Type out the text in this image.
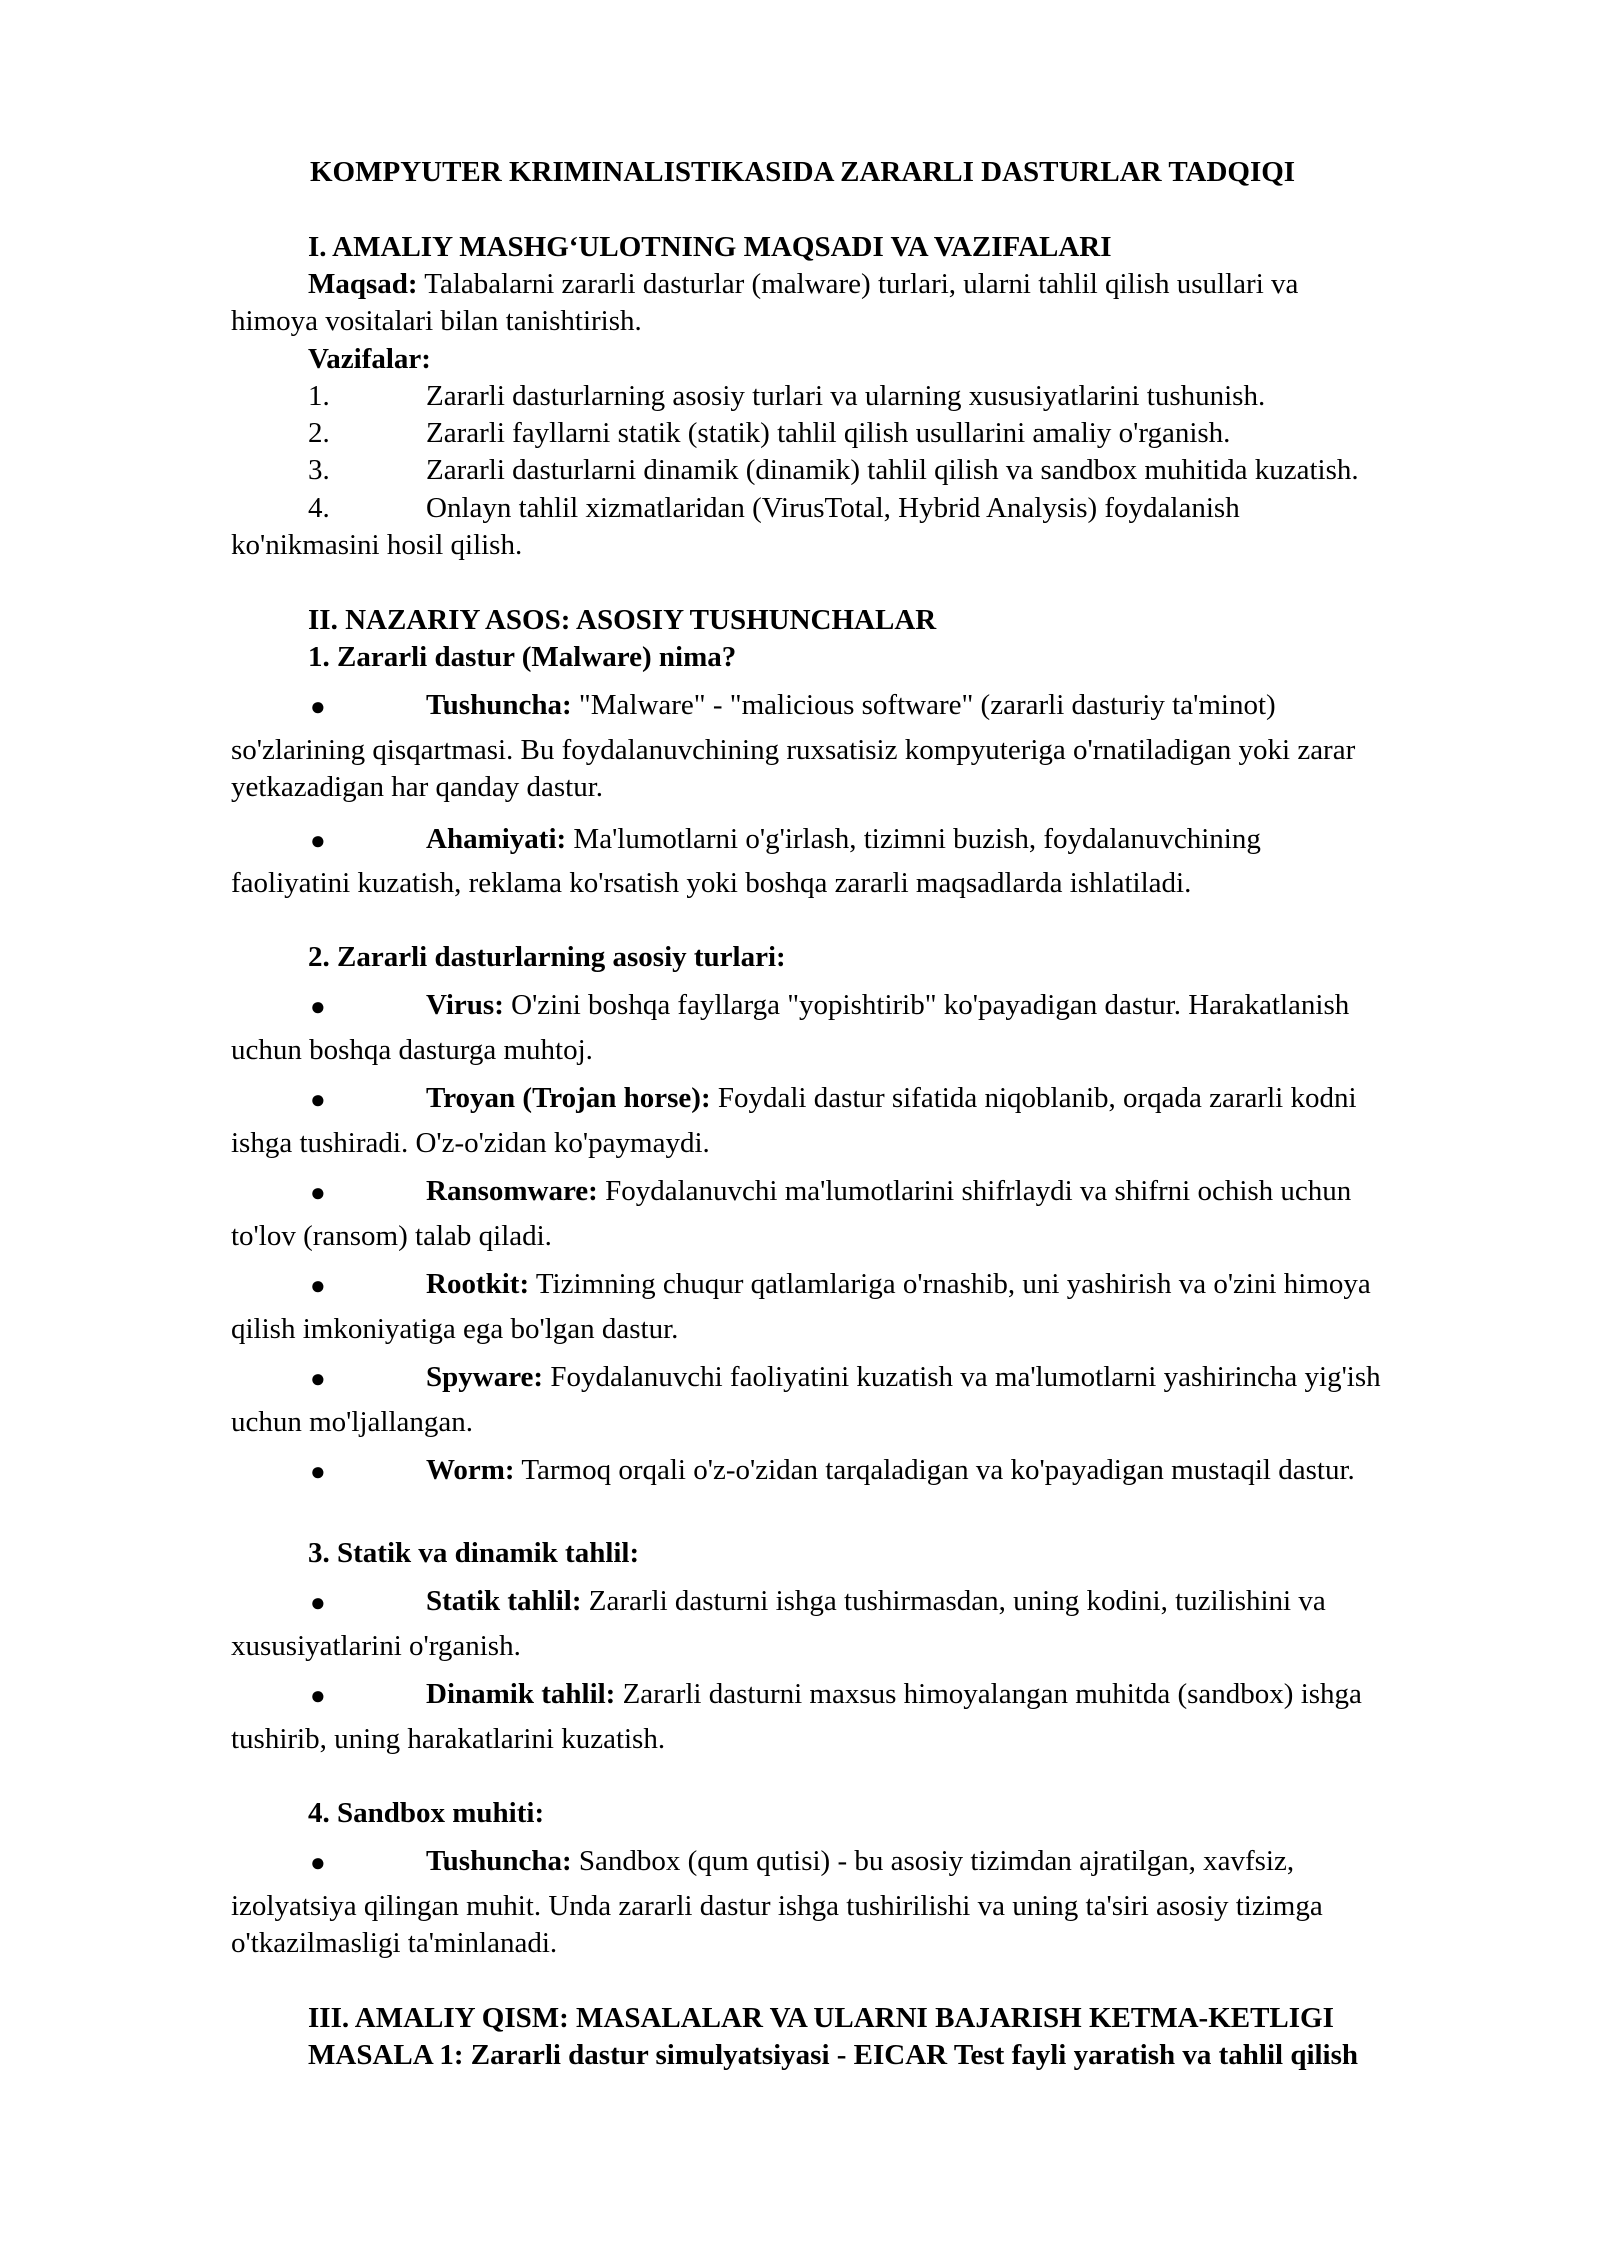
KOMPYUTER KRIMINALISTIKASIDA ZARARLI DASTURLAR TADQIQI
I. AMALIY MASHG‘ULOTNING MAQSADI VA VAZIFALARI
Maqsad: Talabalarni zararli dasturlar (malware) turlari, ularni tahlil qilish usullari va
himoya vositalari bilan tanishtirish.
Vazifalar:
1.	Zararli dasturlarning asosiy turlari va ularning xususiyatlarini tushunish.
2.	Zararli fayllarni statik (statik) tahlil qilish usullarini amaliy o'rganish.
3.	Zararli dasturlarni dinamik (dinamik) tahlil qilish va sandbox muhitida kuzatish.
4.	Onlayn tahlil xizmatlaridan (VirusTotal, Hybrid Analysis) foydalanish
ko'nikmasini hosil qilish.
II. NAZARIY ASOS: ASOSIY TUSHUNCHALAR
1. Zararli dastur (Malware) nima?
●	Tushuncha: "Malware" - "malicious software" (zararli dasturiy ta'minot)
so'zlarining qisqartmasi. Bu foydalanuvchining ruxsatisiz kompyuteriga o'rnatiladigan yoki zarar
yetkazadigan har qanday dastur.
●	Ahamiyati: Ma'lumotlarni o'g'irlash, tizimni buzish, foydalanuvchining
faoliyatini kuzatish, reklama ko'rsatish yoki boshqa zararli maqsadlarda ishlatiladi.
2. Zararli dasturlarning asosiy turlari:
●	Virus: O'zini boshqa fayllarga "yopishtirib" ko'payadigan dastur. Harakatlanish
uchun boshqa dasturga muhtoj.
●	Troyan (Trojan horse): Foydali dastur sifatida niqoblanib, orqada zararli kodni
ishga tushiradi. O'z-o'zidan ko'paymaydi.
●	Ransomware: Foydalanuvchi ma'lumotlarini shifrlaydi va shifrni ochish uchun
to'lov (ransom) talab qiladi.
●	Rootkit: Tizimning chuqur qatlamlariga o'rnashib, uni yashirish va o'zini himoya
qilish imkoniyatiga ega bo'lgan dastur.
●	Spyware: Foydalanuvchi faoliyatini kuzatish va ma'lumotlarni yashirincha yig'ish
uchun mo'ljallangan.
●	Worm: Tarmoq orqali o'z-o'zidan tarqaladigan va ko'payadigan mustaqil dastur.
3. Statik va dinamik tahlil:
●	Statik tahlil: Zararli dasturni ishga tushirmasdan, uning kodini, tuzilishini va
xususiyatlarini o'rganish.
●	Dinamik tahlil: Zararli dasturni maxsus himoyalangan muhitda (sandbox) ishga
tushirib, uning harakatlarini kuzatish.
4. Sandbox muhiti:
●	Tushuncha: Sandbox (qum qutisi) - bu asosiy tizimdan ajratilgan, xavfsiz,
izolyatsiya qilingan muhit. Unda zararli dastur ishga tushirilishi va uning ta'siri asosiy tizimga
o'tkazilmasligi ta'minlanadi.
III. AMALIY QISM: MASALALAR VA ULARNI BAJARISH KETMA-KETLIGI
MASALA 1: Zararli dastur simulyatsiyasi - EICAR Test fayli yaratish va tahlil qilish
